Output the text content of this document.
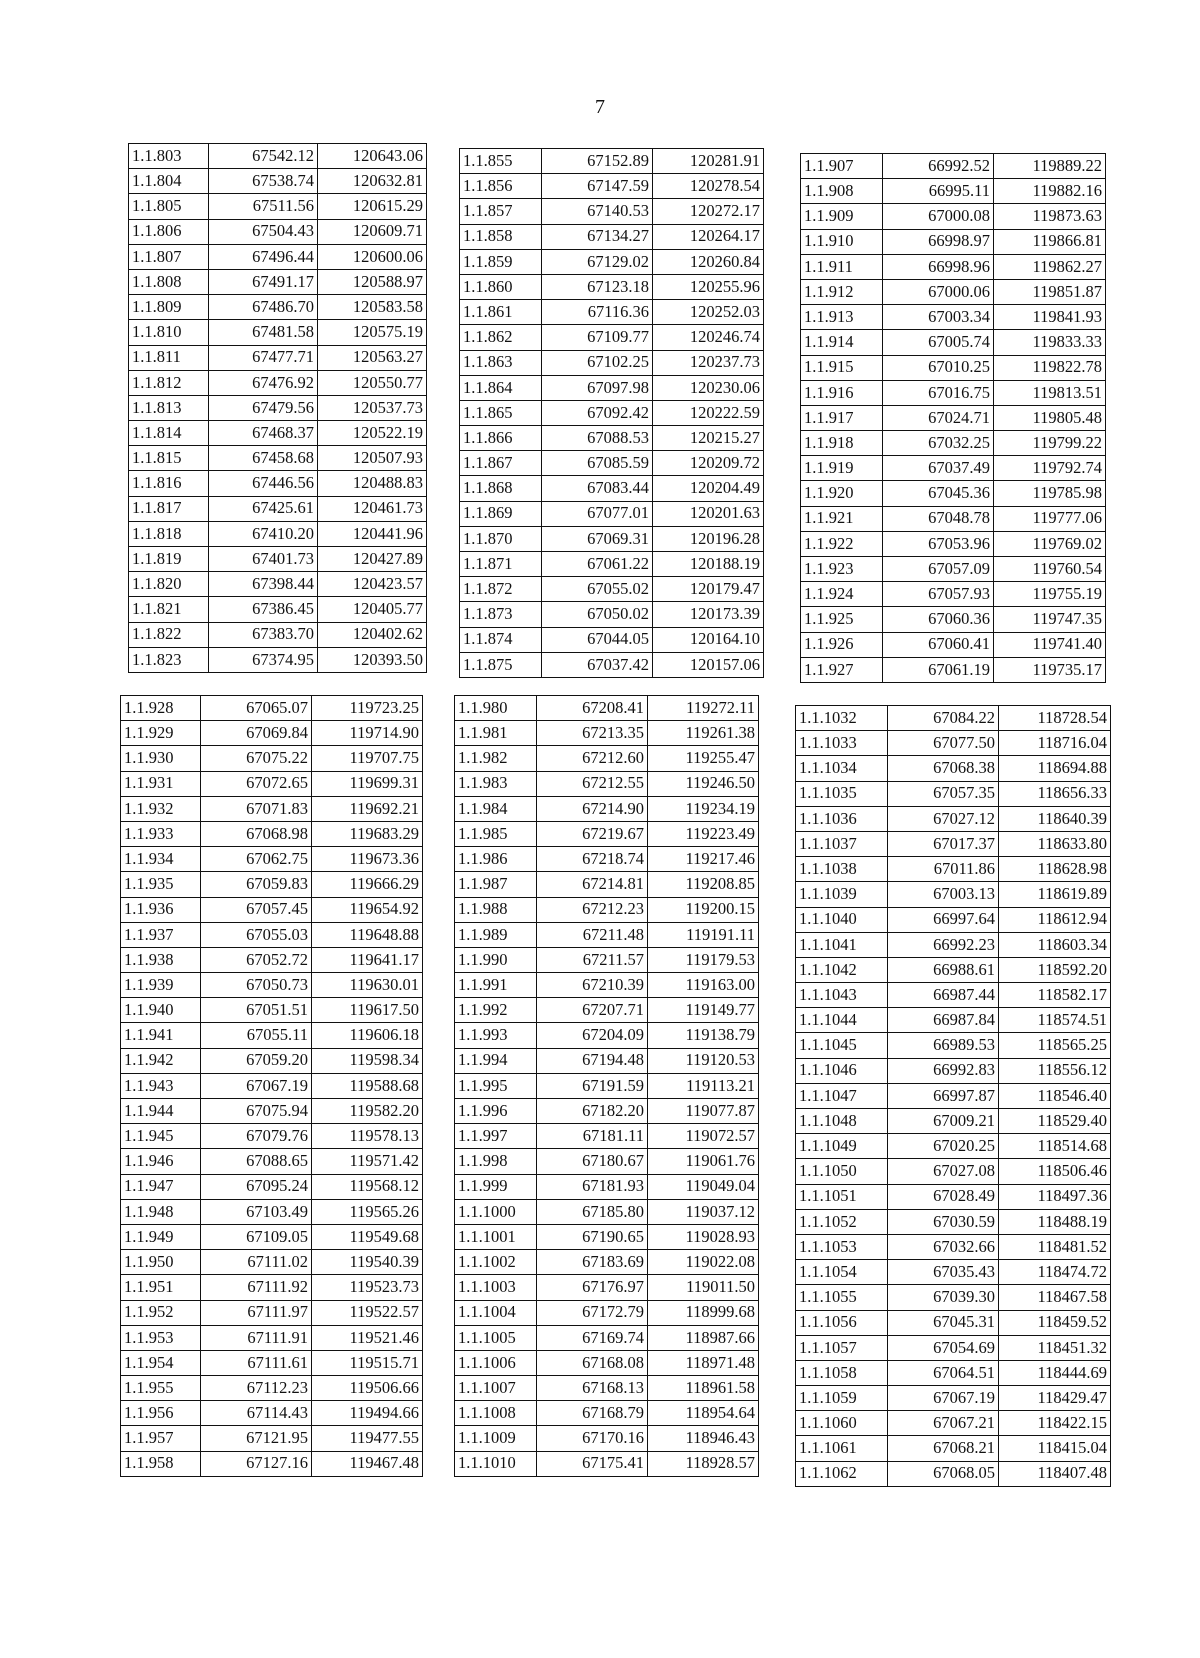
7
1.1.803	67542.12	120643.06
1.1.804	67538.74	120632.81
1.1.805	67511.56	120615.29
1.1.806	67504.43	120609.71
1.1.807	67496.44	120600.06
1.1.808	67491.17	120588.97
1.1.809	67486.70	120583.58
1.1.810	67481.58	120575.19
1.1.811	67477.71	120563.27
1.1.812	67476.92	120550.77
1.1.813	67479.56	120537.73
1.1.814	67468.37	120522.19
1.1.815	67458.68	120507.93
1.1.816	67446.56	120488.83
1.1.817	67425.61	120461.73
1.1.818	67410.20	120441.96
1.1.819	67401.73	120427.89
1.1.820	67398.44	120423.57
1.1.821	67386.45	120405.77
1.1.822	67383.70	120402.62
1.1.823	67374.95	120393.50
1.1.855	67152.89	120281.91
1.1.856	67147.59	120278.54
1.1.857	67140.53	120272.17
1.1.858	67134.27	120264.17
1.1.859	67129.02	120260.84
1.1.860	67123.18	120255.96
1.1.861	67116.36	120252.03
1.1.862	67109.77	120246.74
1.1.863	67102.25	120237.73
1.1.864	67097.98	120230.06
1.1.865	67092.42	120222.59
1.1.866	67088.53	120215.27
1.1.867	67085.59	120209.72
1.1.868	67083.44	120204.49
1.1.869	67077.01	120201.63
1.1.870	67069.31	120196.28
1.1.871	67061.22	120188.19
1.1.872	67055.02	120179.47
1.1.873	67050.02	120173.39
1.1.874	67044.05	120164.10
1.1.875	67037.42	120157.06
1.1.907	66992.52	119889.22
1.1.908	66995.11	119882.16
1.1.909	67000.08	119873.63
1.1.910	66998.97	119866.81
1.1.911	66998.96	119862.27
1.1.912	67000.06	119851.87
1.1.913	67003.34	119841.93
1.1.914	67005.74	119833.33
1.1.915	67010.25	119822.78
1.1.916	67016.75	119813.51
1.1.917	67024.71	119805.48
1.1.918	67032.25	119799.22
1.1.919	67037.49	119792.74
1.1.920	67045.36	119785.98
1.1.921	67048.78	119777.06
1.1.922	67053.96	119769.02
1.1.923	67057.09	119760.54
1.1.924	67057.93	119755.19
1.1.925	67060.36	119747.35
1.1.926	67060.41	119741.40
1.1.927	67061.19	119735.17
1.1.928	67065.07	119723.25
1.1.929	67069.84	119714.90
1.1.930	67075.22	119707.75
1.1.931	67072.65	119699.31
1.1.932	67071.83	119692.21
1.1.933	67068.98	119683.29
1.1.934	67062.75	119673.36
1.1.935	67059.83	119666.29
1.1.936	67057.45	119654.92
1.1.937	67055.03	119648.88
1.1.938	67052.72	119641.17
1.1.939	67050.73	119630.01
1.1.940	67051.51	119617.50
1.1.941	67055.11	119606.18
1.1.942	67059.20	119598.34
1.1.943	67067.19	119588.68
1.1.944	67075.94	119582.20
1.1.945	67079.76	119578.13
1.1.946	67088.65	119571.42
1.1.947	67095.24	119568.12
1.1.948	67103.49	119565.26
1.1.949	67109.05	119549.68
1.1.950	67111.02	119540.39
1.1.951	67111.92	119523.73
1.1.952	67111.97	119522.57
1.1.953	67111.91	119521.46
1.1.954	67111.61	119515.71
1.1.955	67112.23	119506.66
1.1.956	67114.43	119494.66
1.1.957	67121.95	119477.55
1.1.958	67127.16	119467.48
1.1.980	67208.41	119272.11
1.1.981	67213.35	119261.38
1.1.982	67212.60	119255.47
1.1.983	67212.55	119246.50
1.1.984	67214.90	119234.19
1.1.985	67219.67	119223.49
1.1.986	67218.74	119217.46
1.1.987	67214.81	119208.85
1.1.988	67212.23	119200.15
1.1.989	67211.48	119191.11
1.1.990	67211.57	119179.53
1.1.991	67210.39	119163.00
1.1.992	67207.71	119149.77
1.1.993	67204.09	119138.79
1.1.994	67194.48	119120.53
1.1.995	67191.59	119113.21
1.1.996	67182.20	119077.87
1.1.997	67181.11	119072.57
1.1.998	67180.67	119061.76
1.1.999	67181.93	119049.04
1.1.1000	67185.80	119037.12
1.1.1001	67190.65	119028.93
1.1.1002	67183.69	119022.08
1.1.1003	67176.97	119011.50
1.1.1004	67172.79	118999.68
1.1.1005	67169.74	118987.66
1.1.1006	67168.08	118971.48
1.1.1007	67168.13	118961.58
1.1.1008	67168.79	118954.64
1.1.1009	67170.16	118946.43
1.1.1010	67175.41	118928.57
1.1.1032	67084.22	118728.54
1.1.1033	67077.50	118716.04
1.1.1034	67068.38	118694.88
1.1.1035	67057.35	118656.33
1.1.1036	67027.12	118640.39
1.1.1037	67017.37	118633.80
1.1.1038	67011.86	118628.98
1.1.1039	67003.13	118619.89
1.1.1040	66997.64	118612.94
1.1.1041	66992.23	118603.34
1.1.1042	66988.61	118592.20
1.1.1043	66987.44	118582.17
1.1.1044	66987.84	118574.51
1.1.1045	66989.53	118565.25
1.1.1046	66992.83	118556.12
1.1.1047	66997.87	118546.40
1.1.1048	67009.21	118529.40
1.1.1049	67020.25	118514.68
1.1.1050	67027.08	118506.46
1.1.1051	67028.49	118497.36
1.1.1052	67030.59	118488.19
1.1.1053	67032.66	118481.52
1.1.1054	67035.43	118474.72
1.1.1055	67039.30	118467.58
1.1.1056	67045.31	118459.52
1.1.1057	67054.69	118451.32
1.1.1058	67064.51	118444.69
1.1.1059	67067.19	118429.47
1.1.1060	67067.21	118422.15
1.1.1061	67068.21	118415.04
1.1.1062	67068.05	118407.48
